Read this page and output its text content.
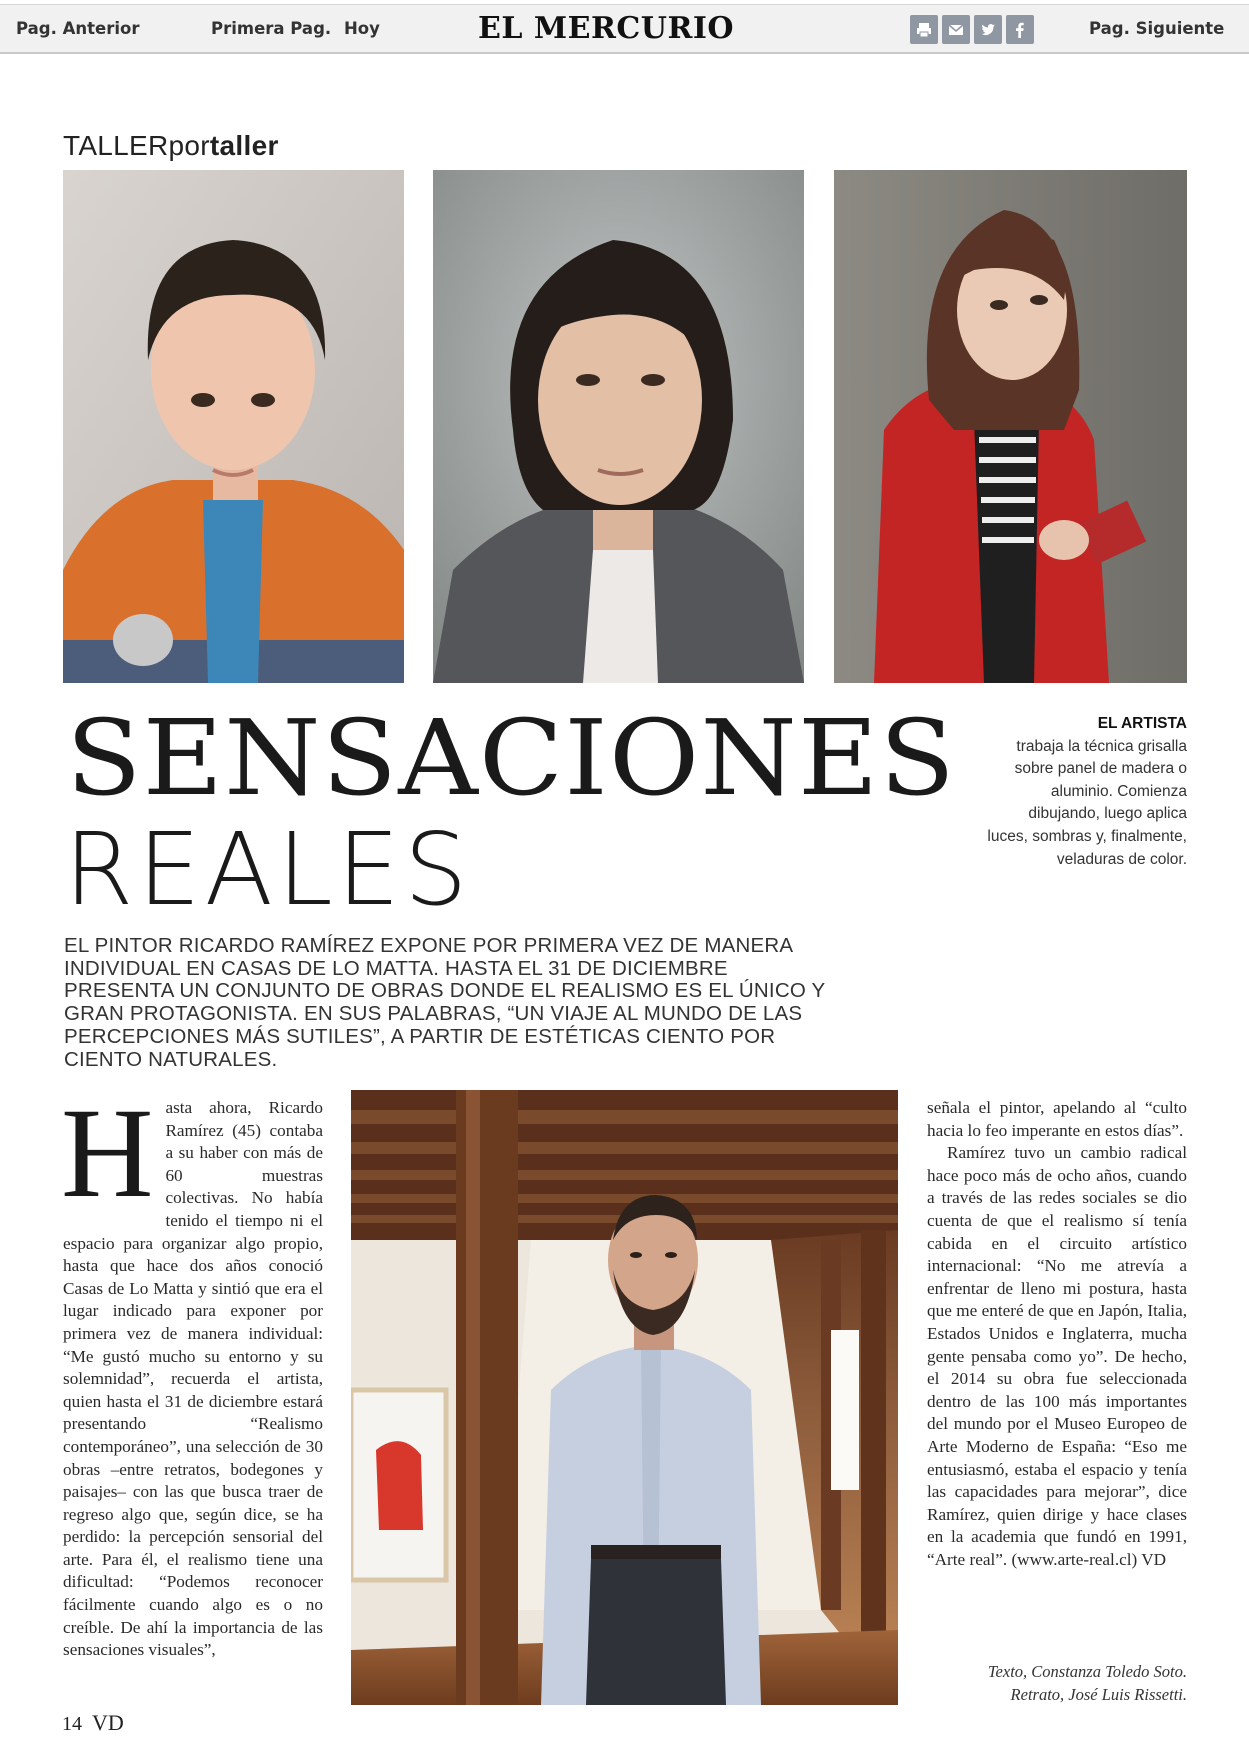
Pag. Anterior	Primera Pag. Hoy	EL MERCURIO	Pag. Siguiente
TALLERportaller
SENSACIONES
REALES
EL ARTISTA
trabaja la técnica grisalla sobre panel de madera o aluminio. Comienza dibujando, luego aplica luces, sombras y, finalmente, veladuras de color.
EL PINTOR RICARDO RAMÍREZ EXPONE POR PRIMERA VEZ DE MANERA INDIVIDUAL EN CASAS DE LO MATTA. HASTA EL 31 DE DICIEMBRE PRESENTA UN CONJUNTO DE OBRAS DONDE EL REALISMO ES EL ÚNICO Y GRAN PROTAGONISTA. EN SUS PALABRAS, “UN VIAJE AL MUNDO DE LAS PERCEPCIONES MÁS SUTILES”, A PARTIR DE ESTÉTICAS CIENTO POR CIENTO NATURALES.
Hasta ahora, Ricardo Ramírez (45) contaba a su haber con más de 60 muestras colectivas. No había tenido el tiempo ni el espacio para organizar algo propio, hasta que hace dos años conoció Casas de Lo Matta y sintió que era el lugar indicado para exponer por primera vez de manera individual: “Me gustó mucho su entorno y su solemnidad”, recuerda el artista, quien hasta el 31 de diciembre estará presentando “Realismo contemporáneo”, una selección de 30 obras –entre retratos, bodegones y paisajes– con las que busca traer de regreso algo que, según dice, se ha perdido: la percepción sensorial del arte. Para él, el realismo tiene una dificultad: “Podemos reconocer fácilmente cuando algo es o no creíble. De ahí la importancia de las sensaciones visuales”,

señala el pintor, apelando al “culto hacia lo feo imperante en estos días”.

Ramírez tuvo un cambio radical hace poco más de ocho años, cuando a través de las redes sociales se dio cuenta de que el realismo sí tenía cabida en el circuito artístico internacional: “No me atrevía a enfrentar de lleno mi postura, hasta que me enteré de que en Japón, Italia, Estados Unidos e Inglaterra, mucha gente pensaba como yo”. De hecho, el 2014 su obra fue seleccionada dentro de las 100 más importantes del mundo por el Museo Europeo de Arte Moderno de España: “Eso me entusiasmó, estaba el espacio y tenía las capacidades para mejorar”, dice Ramírez, quien dirige y hace clases en la academia que fundó en 1991, “Arte real”. (www.arte-real.cl) VD

Texto, Constanza Toledo Soto.
Retrato, José Luis Rissetti.
14 VD
